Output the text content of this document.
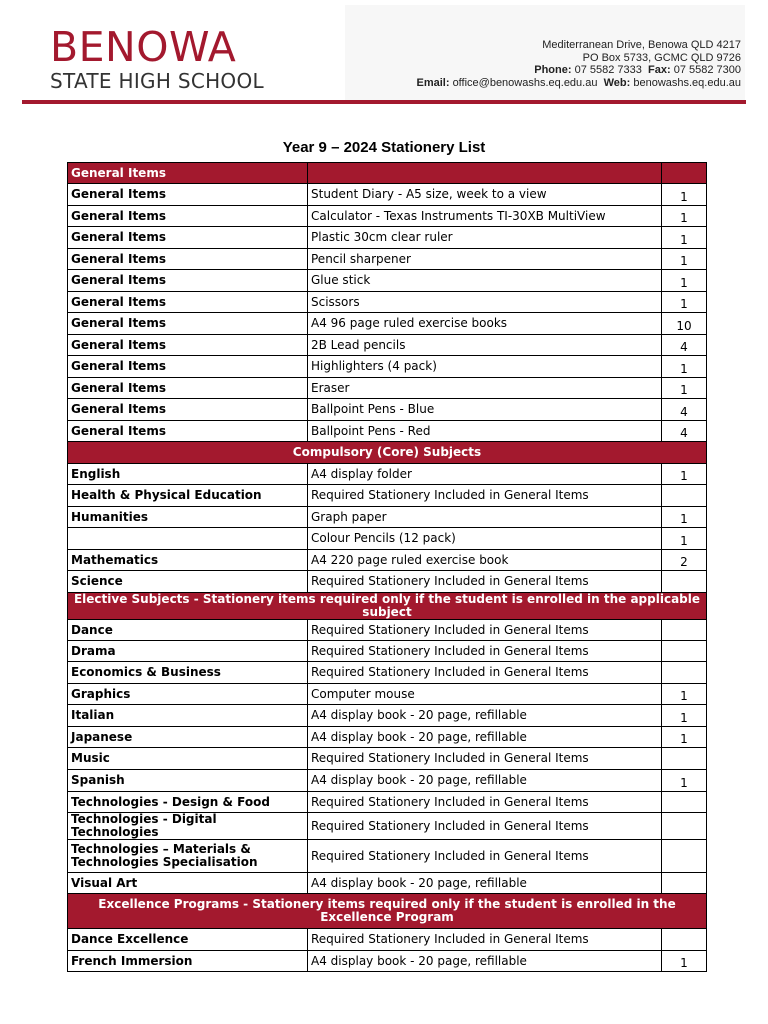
BENOWA
STATE HIGH SCHOOL
Mediterranean Drive, Benowa QLD 4217
PO Box 5733, GCMC QLD 9726
Phone: 07 5582 7333 Fax: 07 5582 7300
Email: office@benowashs.eq.edu.au Web: benowashs.eq.edu.au
Year 9 – 2024 Stationery List
General Items		
General Items	Student Diary - A5 size, week to a view	1
General Items	Calculator - Texas Instruments TI-30XB MultiView	1
General Items	Plastic 30cm clear ruler	1
General Items	Pencil sharpener	1
General Items	Glue stick	1
General Items	Scissors	1
General Items	A4 96 page ruled exercise books	10
General Items	2B Lead pencils	4
General Items	Highlighters (4 pack)	1
General Items	Eraser	1
General Items	Ballpoint Pens - Blue	4
General Items	Ballpoint Pens - Red	4
Compulsory (Core) Subjects		
English	A4 display folder	1
Health & Physical Education	Required Stationery Included in General Items	
Humanities	Graph paper	1
	Colour Pencils (12 pack)	1
Mathematics	A4 220 page ruled exercise book	2
Science	Required Stationery Included in General Items	
Elective Subjects - Stationery items required only if the student is enrolled in the applicable subject		
Dance	Required Stationery Included in General Items	
Drama	Required Stationery Included in General Items	
Economics & Business	Required Stationery Included in General Items	
Graphics	Computer mouse	1
Italian	A4 display book - 20 page, refillable	1
Japanese	A4 display book - 20 page, refillable	1
Music	Required Stationery Included in General Items	
Spanish	A4 display book - 20 page, refillable	1
Technologies - Design & Food	Required Stationery Included in General Items	
Technologies - Digital Technologies	Required Stationery Included in General Items	
Technologies – Materials & Technologies Specialisation	Required Stationery Included in General Items	
Visual Art	A4 display book - 20 page, refillable	
Excellence Programs - Stationery items required only if the student is enrolled in the Excellence Program		
Dance Excellence	Required Stationery Included in General Items	
French Immersion	A4 display book - 20 page, refillable	1
